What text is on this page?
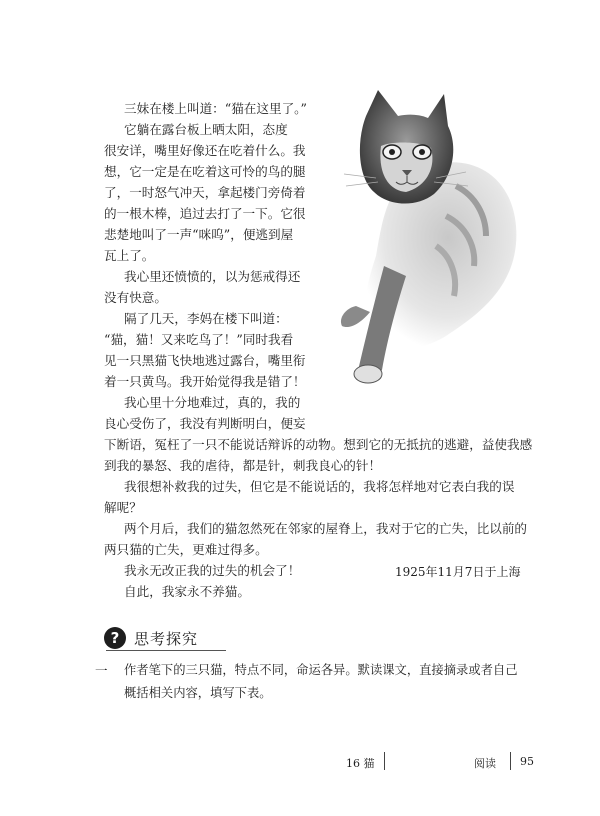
三妹在楼上叫道：“猫在这里了。”
它躺在露台板上晒太阳，态度
很安详，嘴里好像还在吃着什么。我
想，它一定是在吃着这可怜的鸟的腿
了，一时怒气冲天，拿起楼门旁倚着
的一根木棒，追过去打了一下。它很
悲楚地叫了一声“咪呜”，便逃到屋
瓦上了。
我心里还愤愤的，以为惩戒得还
没有快意。
隔了几天，李妈在楼下叫道：
“猫，猫！又来吃鸟了！”同时我看
见一只黑猫飞快地逃过露台，嘴里衔
着一只黄鸟。我开始觉得我是错了！
我心里十分地难过，真的，我的
良心受伤了，我没有判断明白，便妄
下断语，冤枉了一只不能说话辩诉的动物。想到它的无抵抗的逃避，益使我感
到我的暴怒、我的虐待，都是针，刺我良心的针！
我很想补救我的过失，但它是不能说话的，我将怎样地对它表白我的误
解呢？
两个月后，我们的猫忽然死在邻家的屋脊上，我对于它的亡失，比以前的
两只猫的亡失，更难过得多。
我永无改正我的过失的机会了！
自此，我家永不养猫。
1925年11月7日于上海
? 思考探究
一 作者笔下的三只猫，特点不同，命运各异。默读课文，直接摘录或者自己
概括相关内容，填写下表。
16 猫	阅读 95
